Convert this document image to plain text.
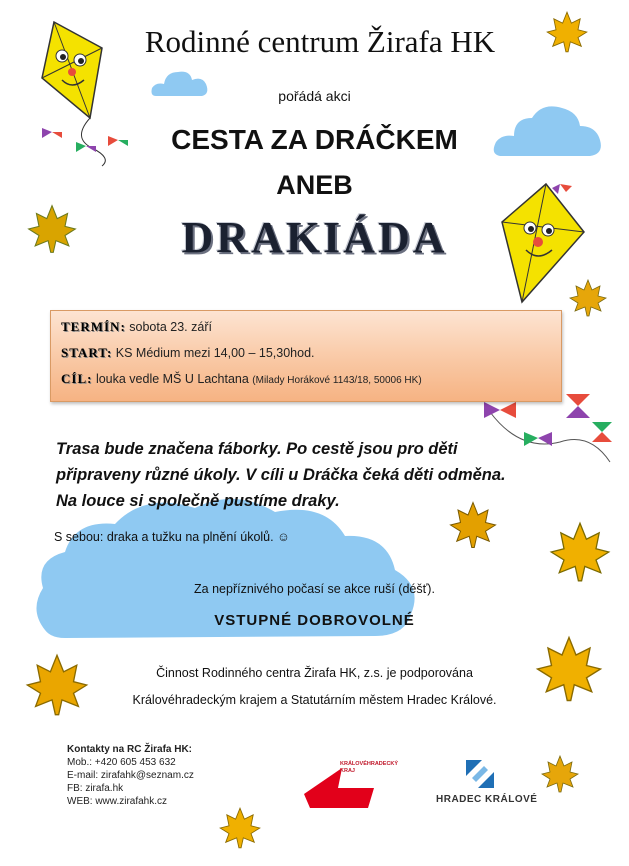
Rodinné centrum Žirafa HK
pořádá akci
CESTA ZA DRÁČKEM
ANEB
DRAKIÁDA
TERMÍN: sobota 23. září
START: KS Médium mezi 14,00 – 15,30hod.
CÍL: louka vedle MŠ U Lachtana (Milady Horákové 1143/18, 50006 HK)
Trasa bude značena fáborky. Po cestě jsou pro děti
připraveny různé úkoly. V cíli u Dráčka čeká děti odměna.
Na louce si společně pustíme draky.
S sebou: draka a tužku na plnění úkolů. ☺
Za nepříznivého počasí se akce ruší (déšť).
VSTUPNÉ DOBROVOLNÉ
Činnost Rodinného centra Žirafa HK, z.s. je podporována
Královéhradeckým krajem a Statutárním městem Hradec Králové.
Kontakty na RC Žirafa HK:
Mob.: +420 605 453 632
E-mail: zirafahk@seznam.cz
FB: zirafa.hk
WEB: www.zirafahk.cz
KRÁLOVÉHRADECKÝ
KRAJ
HRADEC KRÁLOVÉ
